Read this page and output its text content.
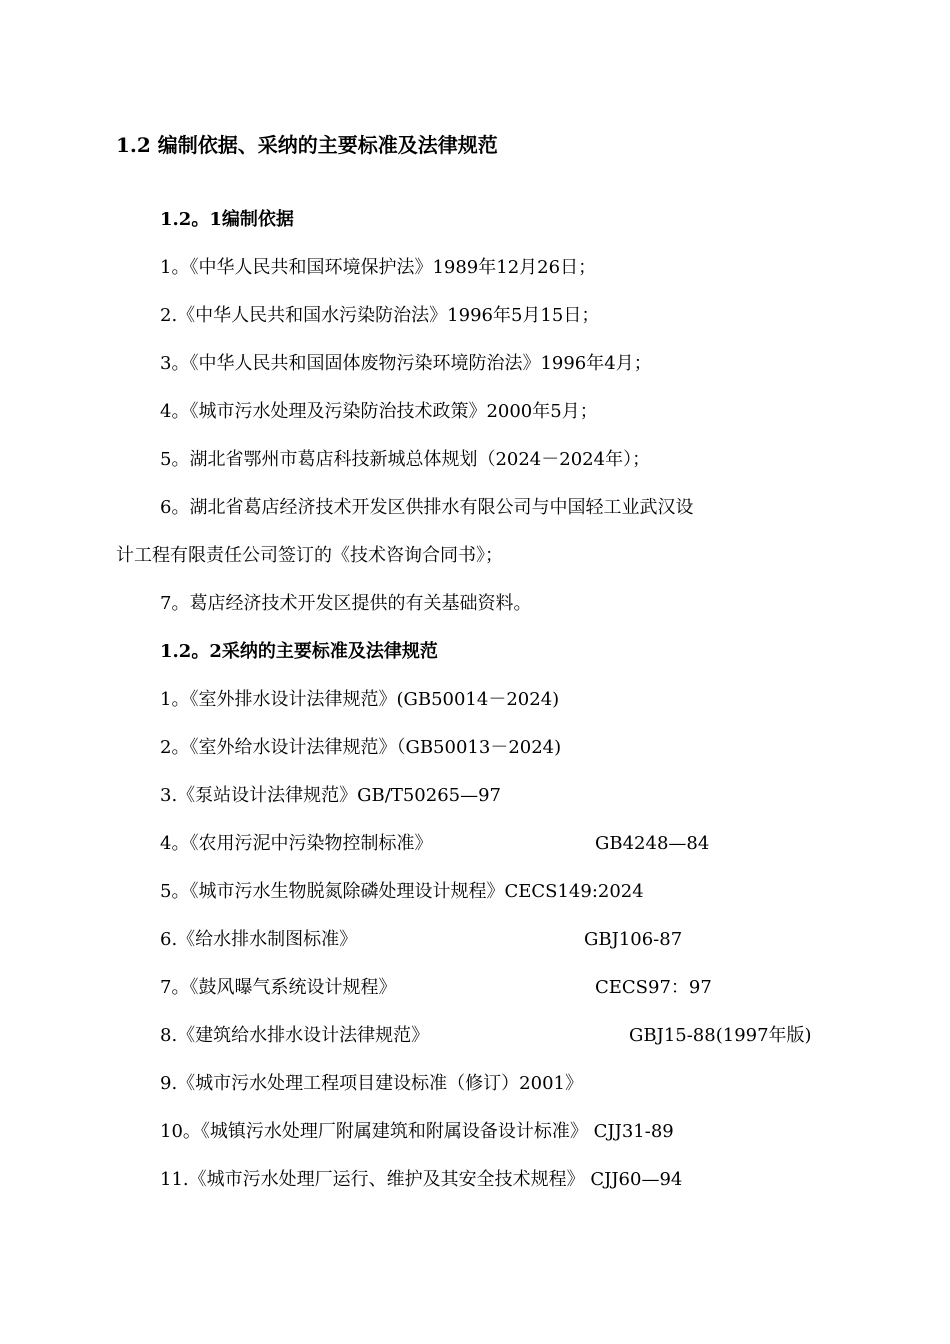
1.2 编制依据、采纳的主要标准及法律规范
1.2。1编制依据
1。《中华人民共和国环境保护法》1989年12月26日；
2.《中华人民共和国水污染防治法》1996年5月15日；
3。《中华人民共和国固体废物污染环境防治法》1996年4月；
4。《城市污水处理及污染防治技术政策》2000年5月；
5。湖北省鄂州市葛店科技新城总体规划（2024－2024年）；
6。湖北省葛店经济技术开发区供排水有限公司与中国轻工业武汉设
计工程有限责任公司签订的《技术咨询合同书》；
7。葛店经济技术开发区提供的有关基础资料。
1.2。2采纳的主要标准及法律规范
1。《室外排水设计法律规范》(GB50014－2024)
2。《室外给水设计法律规范》（GB50013－2024)
3.《泵站设计法律规范》GB/T50265—97
4。《农用污泥中污染物控制标准》	GB4248—84
5。《城市污水生物脱氮除磷处理设计规程》CECS149:2024
6.《给水排水制图标准》	GBJ106-87
7。《鼓风曝气系统设计规程》	CECS97：97
8.《建筑给水排水设计法律规范》	GBJ15-88(1997年版)
9.《城市污水处理工程项目建设标准（修订）2001》
10。《城镇污水处理厂附属建筑和附属设备设计标准》 CJJ31-89
11.《城市污水处理厂运行、维护及其安全技术规程》 CJJ60—94
